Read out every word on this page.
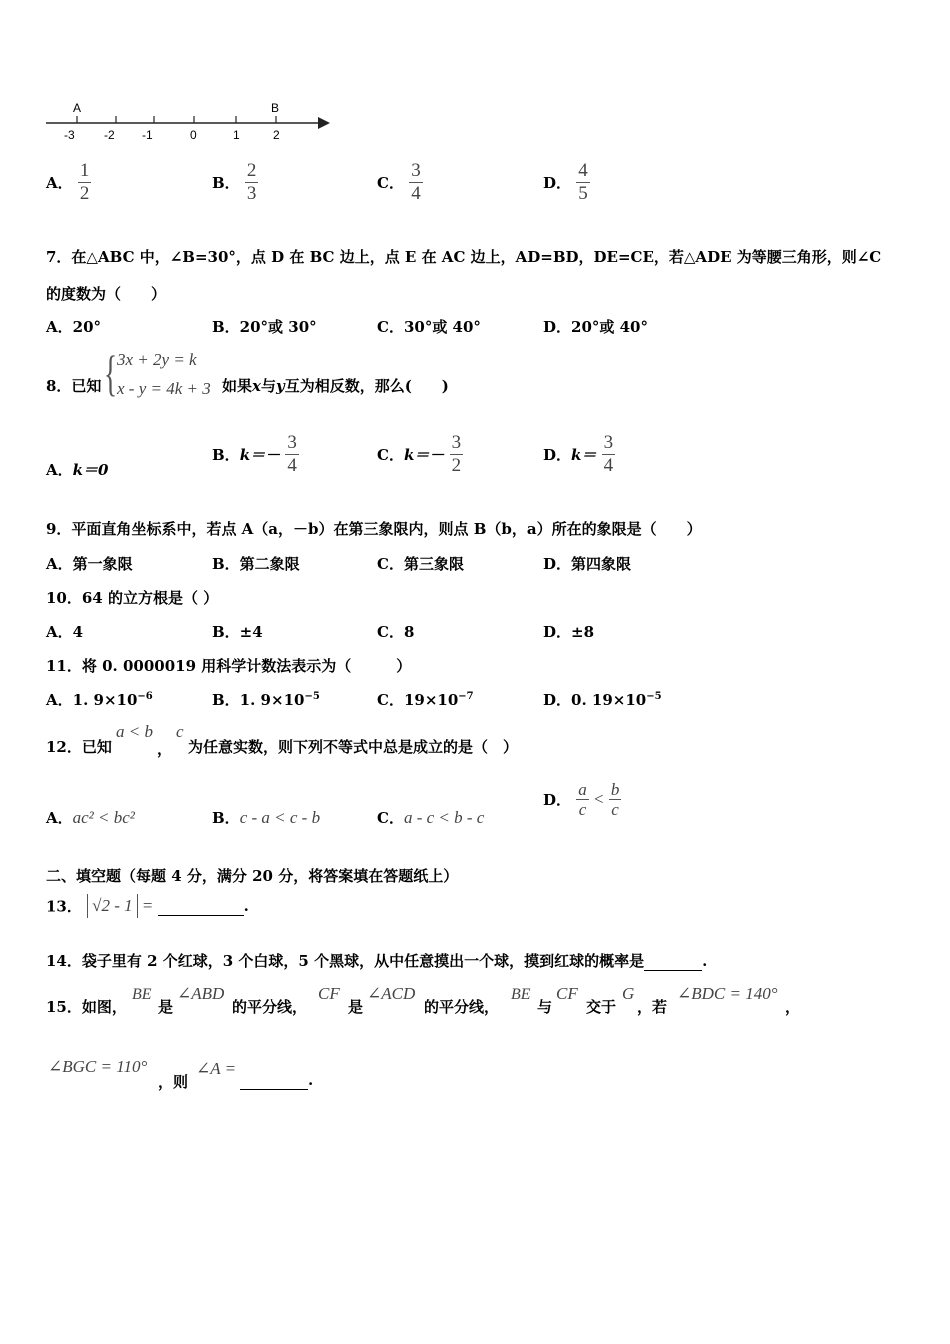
A	B
-3 -2 -1	0	1	2
A． $\frac{1}{2}$	B． $\frac{2}{3}$	C． $\frac{3}{4}$	D． $\frac{4}{5}$
7．在△ABC 中，∠B=30°，点 D 在 BC 边上，点 E 在 AC 边上，AD=BD，DE=CE，若△ADE 为等腰三角形，则∠C
的度数为（　　）
A．20°	B．20°或 30°	C．30°或 40°	D．20°或 40°
8．已知 { 3x + 2y = k
x - y = 4k + 3 如果x与y互为相反数，那么(　　)
A．k＝0
B．$k=- \frac{3}{4}$	C．$k=- \frac{3}{2}$	D．$k= \frac{3}{4}$
9．平面直角坐标系中，若点 A（a，－b）在第三象限内，则点 B（b，a）所在的象限是（　　）
A．第一象限	B．第二象限	C．第三象限	D．第四象限
10．64 的立方根是（ ）
A．4	B．±4	C．8	D．±8
11．将 0. 0000019 用科学计数法表示为（　　　）
A．1. $9\times 10^{-6}$	B．1. $9\times 10^{-5}$	C．$19\times 10^{-7}$	D．0. $19\times 10^{-5}$
12．已知
a < b
，
c
为任意实数，则下列不等式中总是成立的是（　）
A．ac² < bc²	B．c - a < c - b	C．a - c < b - c
D． $\frac{a}{c} < \frac{b}{c}$
二、填空题（每题 4 分，满分 20 分，将答案填在答题纸上）
13． √2 - 1 =	.
14．袋子里有 2 个红球，3 个白球，5 个黑球，从中任意摸出一个球，摸到红球的概率是	.
15．如图，
BE
是
∠ABD
的平分线，
CF
是
∠ACD
的平分线，
BE
与
CF
交于
G
，若
∠BDC = 140°
，
∠BGC = 110°
，则
∠A =
.
